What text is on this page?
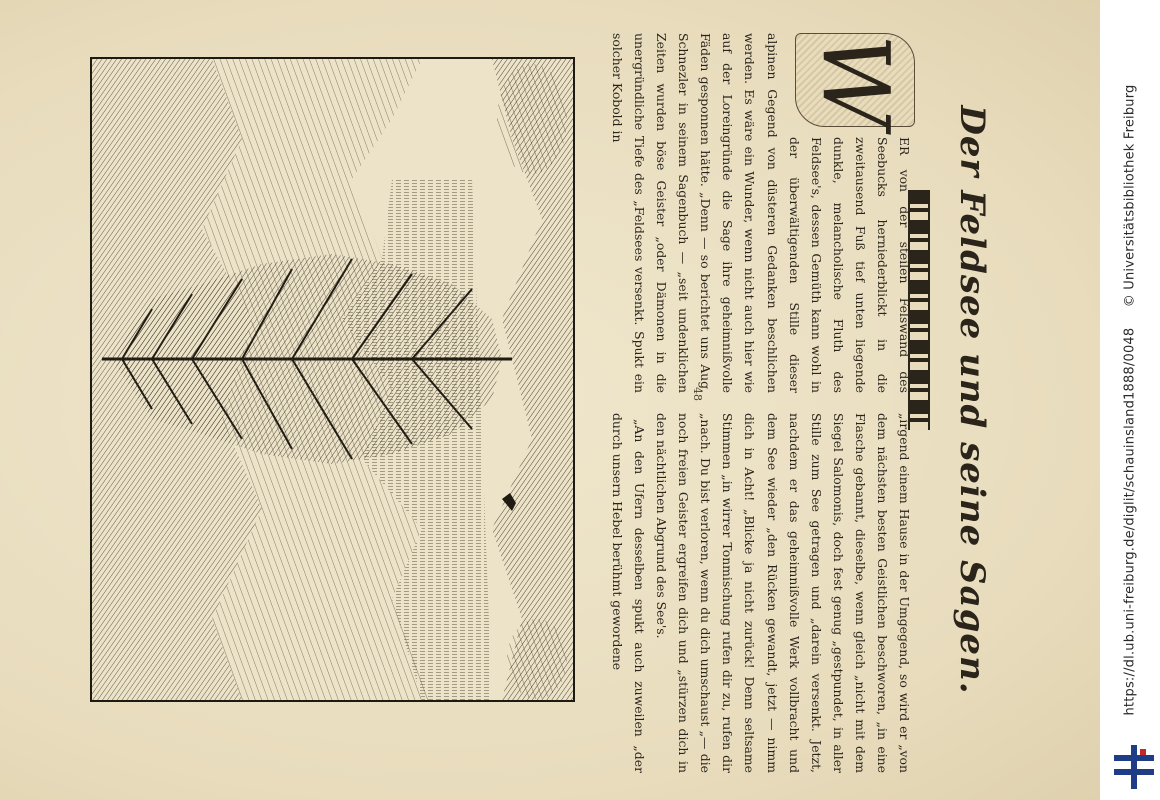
Der Feldsee und seine Sagen.
W

ER von der steilen Felswand des Seebucks herniederblickt in die zweitausend Fuß tief unten liegende dunkle, melancholische Fluth des Feldsee's, dessen Gemüth kann wohl in der überwältigenden Stille dieser alpinen Gegend von düsteren Gedanken beschlichen werden. Es wäre ein Wunder, wenn nicht auch hier wie auf der Loreingründe die Sage ihre geheimnißvolle Fäden gesponnen hätte. „Denn — so berichtet uns Aug. Schnezler in seinem Sagenbuch — „seit undenklichen Zeiten wurden böse Geister „oder Dämonen in die unergründliche Tiefe des „Feldsees versenkt. Spukt ein solcher Kobold in

„irgend einem Hause in der Umgegend, so wird er „von dem nächsten besten Geistlichen beschworen, „in eine Flasche gebannt, dieselbe, wenn gleich „nicht mit dem Siegel Salomonis, doch fest genug „gestpundet, in aller Stille zum See getragen und „darein versenkt. Jetzt, nachdem er das geheimnißvolle Werk vollbracht und dem See wieder „den Rücken gewandt, jetzt — nimm dich in Acht! „Blicke ja nicht zurück! Denn seltsame Stimmen „in wirrer Tonmischung rufen dir zu, rufen dir „nach. Du bist verloren, wenn du dich umschaust „— die noch freien Geister ergreifen dich und „stürzen dich in den nächtlichen Abgrund des See's.

„An den Ufern desselben spukt auch zuweilen „der durch unsern Hebel berühmt gewordene

48	https://dl.ub.uni-freiburg.de/diglit/schauinsland1888/0048 © Universitätsbibliothek Freiburg
